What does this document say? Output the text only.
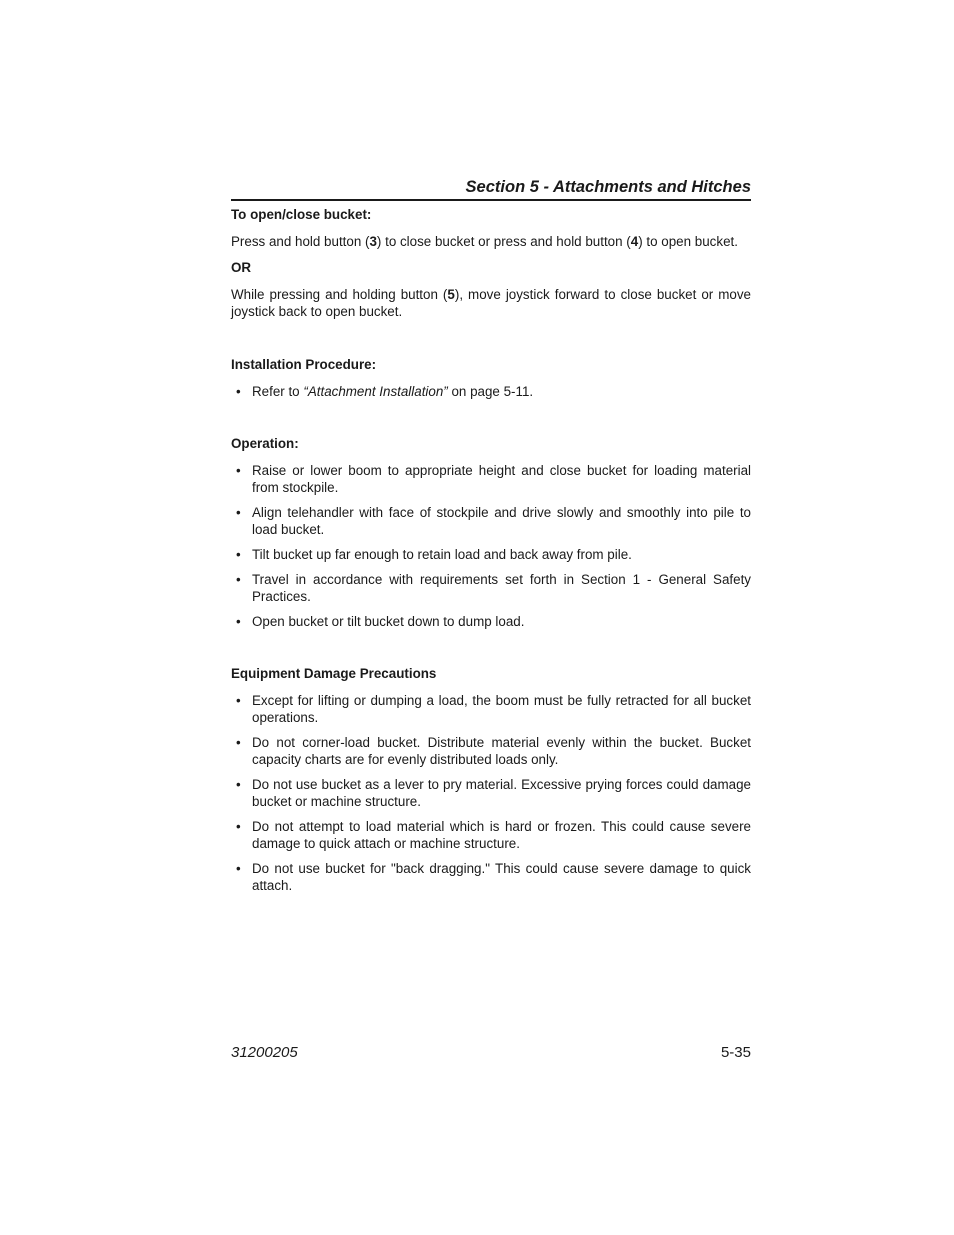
Section 5 - Attachments and Hitches
To open/close bucket:

Press and hold button (3) to close bucket or press and hold button (4) to open bucket.

OR

While pressing and holding button (5), move joystick forward to close bucket or move joystick back to open bucket.

Installation Procedure:
• Refer to “Attachment Installation” on page 5-11.
Operation:
• Raise or lower boom to appropriate height and close bucket for loading material from stockpile.
• Align telehandler with face of stockpile and drive slowly and smoothly into pile to load bucket.
• Tilt bucket up far enough to retain load and back away from pile.
• Travel in accordance with requirements set forth in Section 1 - General Safety Practices.
• Open bucket or tilt bucket down to dump load.
Equipment Damage Precautions
• Except for lifting or dumping a load, the boom must be fully retracted for all bucket operations.
• Do not corner-load bucket. Distribute material evenly within the bucket. Bucket capacity charts are for evenly distributed loads only.
• Do not use bucket as a lever to pry material. Excessive prying forces could damage bucket or machine structure.
• Do not attempt to load material which is hard or frozen. This could cause severe damage to quick attach or machine structure.
• Do not use bucket for "back dragging." This could cause severe damage to quick attach.
31200205	5-35
